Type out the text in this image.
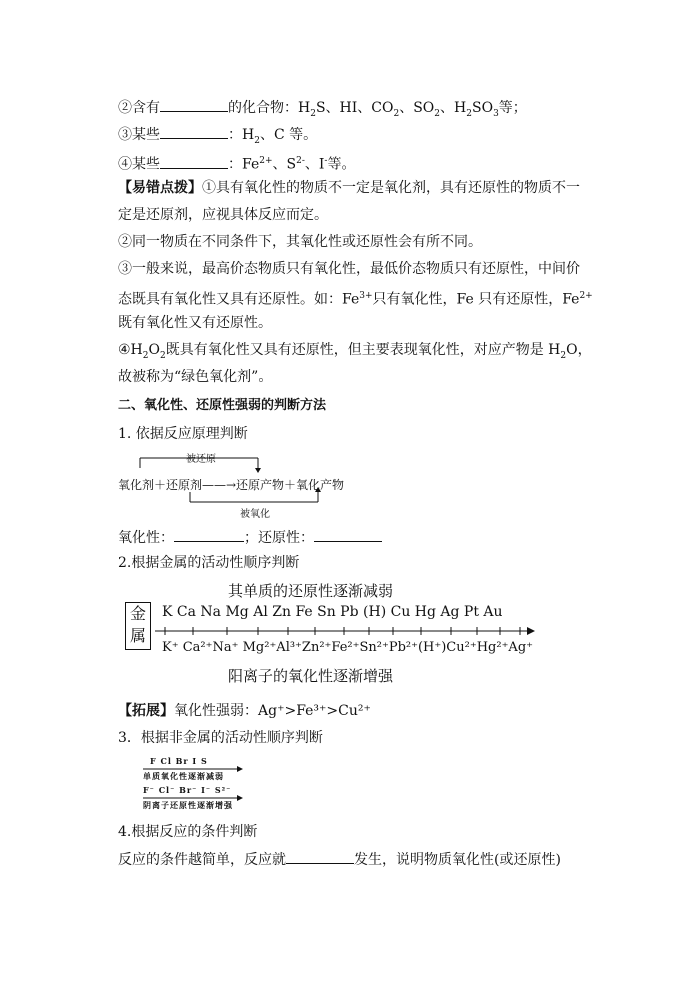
②含有	的化合物：$H_2S$、HI、$CO_2$、$SO_2$、$H_2SO_3$等；
③某些	：$H_2$、C 等。
④某些	：$Fe^{2+}$、$S^{2-}$、I-等。
【易错点拨】①具有氧化性的物质不一定是氧化剂，具有还原性的物质不一
定是还原剂，应视具体反应而定。
②同一物质在不同条件下，其氧化性或还原性会有所不同。
③一般来说，最高价态物质只有氧化性，最低价态物质只有还原性，中间价
态既具有氧化性又具有还原性。如：$Fe^{3+}$只有氧化性，Fe 只有还原性，$Fe^{2+}$
既有氧化性又有还原性。
$④H_2O_2$既具有氧化性又具有还原性，但主要表现氧化性，对应产物是 $H_2O$，
故被称为“绿色氧化剂”。
二、氧化性、还原性强弱的判断方法
1. 依据反应原理判断
被还原
氧化剂＋还原剂——→还原产物＋氧化产物
被氧化
氧化性：	；还原性：
2.根据金属的活动性顺序判断
其单质的还原性逐渐减弱
金
属
K Ca Na Mg Al Zn Fe Sn Pb (H) Cu Hg Ag Pt Au
K⁺ Ca²⁺Na⁺ Mg²⁺Al³⁺Zn²⁺Fe²⁺Sn²⁺Pb²⁺(H⁺)Cu²⁺Hg²⁺Ag⁺
阳离子的氧化性逐渐增强
【拓展】氧化性强弱：Ag⁺>Fe³⁺>Cu²⁺
3．根据非金属的活动性顺序判断
F Cl Br I S
单质氧化性逐渐减弱
F⁻ Cl⁻ Br⁻ I⁻ S²⁻
阴离子还原性逐渐增强
4.根据反应的条件判断
反应的条件越简单，反应就	发生，说明物质氧化性(或还原性)
